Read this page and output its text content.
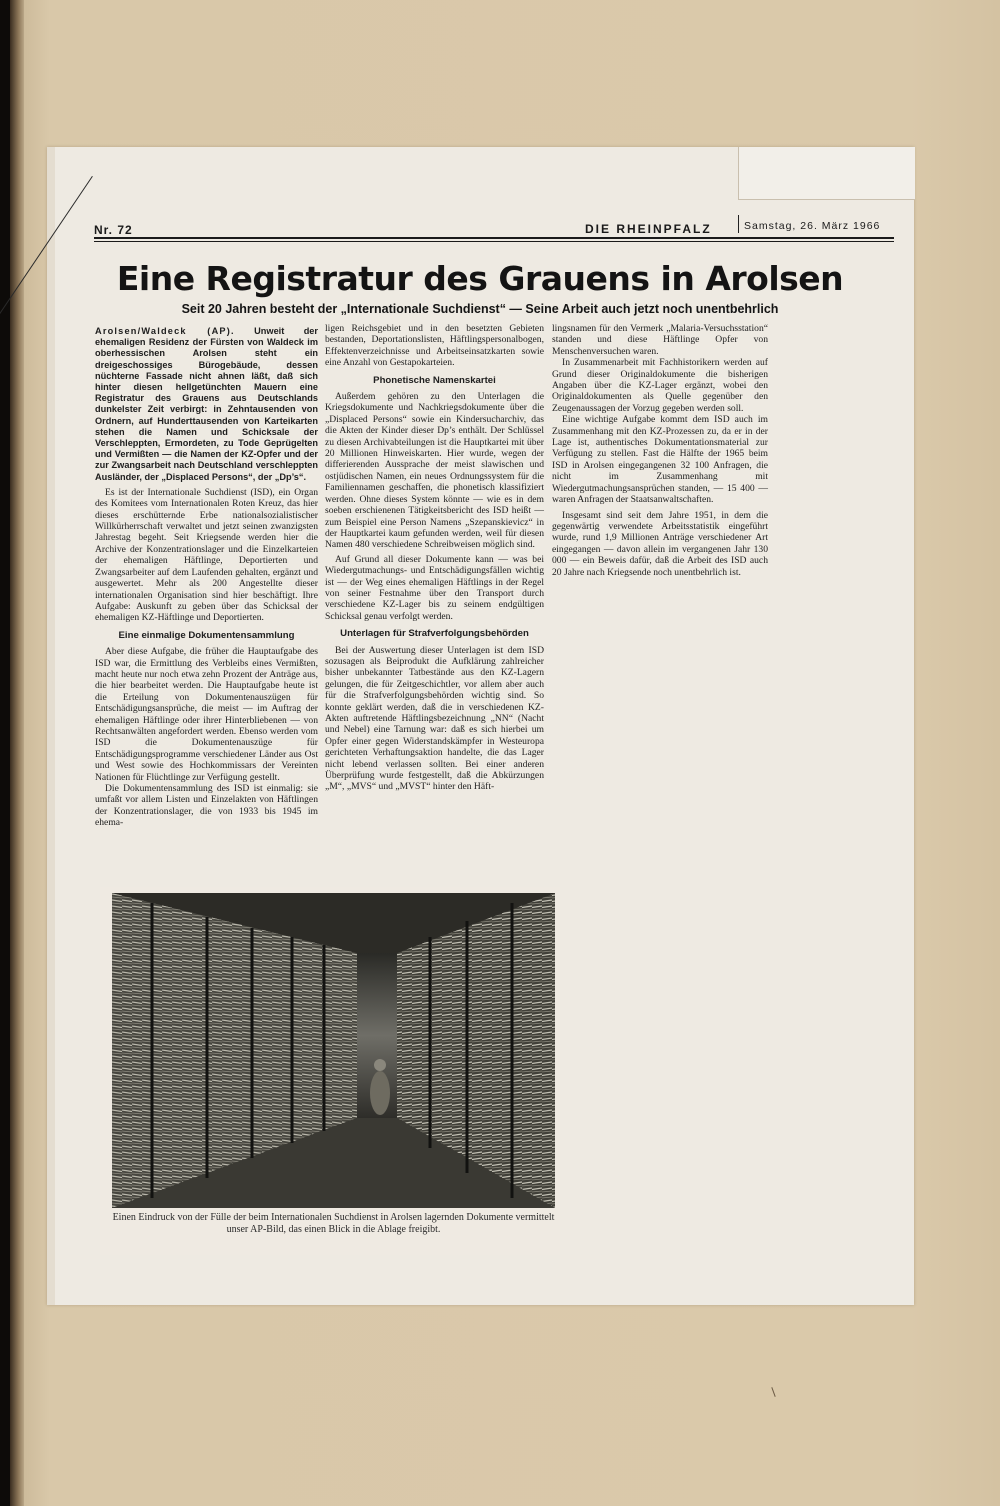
Nr. 72	DIE RHEINPFALZ	Samstag, 26. März 1966
Eine Registratur des Grauens in Arolsen
Seit 20 Jahren besteht der „Internationale Suchdienst“ — Seine Arbeit auch jetzt noch unentbehrlich

Arolsen/Waldeck (AP). Unweit der ehemaligen Residenz der Fürsten von Waldeck im oberhessischen Arolsen steht ein dreigeschossiges Bürogebäude, dessen nüchterne Fassade nicht ahnen läßt, daß sich hinter diesen hellgetünchten Mauern eine Registratur des Grauens aus Deutschlands dunkelster Zeit verbirgt: in Zehntausenden von Ordnern, auf Hunderttausenden von Karteikarten stehen die Namen und Schicksale der Verschleppten, Ermordeten, zu Tode Geprügelten und Vermißten — die Namen der KZ-Opfer und der zur Zwangsarbeit nach Deutschland verschleppten Ausländer, der „Displaced Persons“, der „Dp’s“.

Es ist der Internationale Suchdienst (ISD), ein Organ des Komitees vom Internationalen Roten Kreuz, das hier dieses erschütternde Erbe nationalsozialistischer Willkürherrschaft verwaltet und jetzt seinen zwanzigsten Jahrestag begeht. Seit Kriegsende werden hier die Archive der Konzentrationslager und die Einzelkarteien der ehemaligen Häftlinge, Deportierten und Zwangsarbeiter auf dem Laufenden gehalten, ergänzt und ausgewertet. Mehr als 200 Angestellte dieser internationalen Organisation sind hier beschäftigt. Ihre Aufgabe: Auskunft zu geben über das Schicksal der ehemaligen KZ-Häftlinge und Deportierten.

Eine einmalige Dokumentensammlung

Aber diese Aufgabe, die früher die Hauptaufgabe des ISD war, die Ermittlung des Verbleibs eines Vermißten, macht heute nur noch etwa zehn Prozent der Anträge aus, die hier bearbeitet werden. Die Hauptaufgabe heute ist die Erteilung von Dokumentenauszügen für Entschädigungsansprüche, die meist — im Auftrag der ehemaligen Häftlinge oder ihrer Hinterbliebenen — von Rechtsanwälten angefordert werden. Ebenso werden vom ISD die Dokumentenauszüge für Entschädigungsprogramme verschiedener Länder aus Ost und West sowie des Hochkommissars der Vereinten Nationen für Flüchtlinge zur Verfügung gestellt.

Die Dokumentensammlung des ISD ist einmalig: sie umfaßt vor allem Listen und Einzelakten von Häftlingen der Konzentrationslager, die von 1933 bis 1945 im ehema-

ligen Reichsgebiet und in den besetzten Gebieten bestanden, Deportationslisten, Häftlingspersonalbogen, Effektenverzeichnisse und Arbeitseinsatzkarten sowie eine Anzahl von Gestapokarteien.

Phonetische Namenskartei

Außerdem gehören zu den Unterlagen die Kriegsdokumente und Nachkriegsdokumente über die „Displaced Persons“ sowie ein Kindersucharchiv, das die Akten der Kinder dieser Dp’s enthält. Der Schlüssel zu diesen Archivabteilungen ist die Hauptkartei mit über 20 Millionen Hinweiskarten. Hier wurde, wegen der differierenden Aussprache der meist slawischen und ostjüdischen Namen, ein neues Ordnungssystem für die Familiennamen geschaffen, die phonetisch klassifiziert werden. Ohne dieses System könnte — wie es in dem soeben erschienenen Tätigkeitsbericht des ISD heißt — zum Beispiel eine Person Namens „Szepanskievicz“ in der Hauptkartei kaum gefunden werden, weil für diesen Namen 480 verschiedene Schreibweisen möglich sind.

Auf Grund all dieser Dokumente kann — was bei Wiedergutmachungs- und Entschädigungsfällen wichtig ist — der Weg eines ehemaligen Häftlings in der Regel von seiner Festnahme über den Transport durch verschiedene KZ-Lager bis zu seinem endgültigen Schicksal genau verfolgt werden.

Unterlagen für Strafverfolgungsbehörden

Bei der Auswertung dieser Unterlagen ist dem ISD sozusagen als Beiprodukt die Aufklärung zahlreicher bisher unbekannter Tatbestände aus den KZ-Lagern gelungen, die für Zeitgeschichtler, vor allem aber auch für die Strafverfolgungsbehörden wichtig sind. So konnte geklärt werden, daß die in verschiedenen KZ-Akten auftretende Häftlingsbezeichnung „NN“ (Nacht und Nebel) eine Tarnung war: daß es sich hierbei um Opfer einer gegen Widerstandskämpfer in Westeuropa gerichteten Verhaftungsaktion handelte, die das Lager nicht lebend verlassen sollten. Bei einer anderen Überprüfung wurde festgestellt, daß die Abkürzungen „M“, „MVS“ und „MVST“ hinter den Häft-

lingsnamen für den Vermerk „Malaria-Versuchsstation“ standen und diese Häftlinge Opfer von Menschenversuchen waren.

In Zusammenarbeit mit Fachhistorikern werden auf Grund dieser Originaldokumente die bisherigen Angaben über die KZ-Lager ergänzt, wobei den Originaldokumenten als Quelle gegenüber den Zeugenaussagen der Vorzug gegeben werden soll.

Eine wichtige Aufgabe kommt dem ISD auch im Zusammenhang mit den KZ-Prozessen zu, da er in der Lage ist, authentisches Dokumentationsmaterial zur Verfügung zu stellen. Fast die Hälfte der 1965 beim ISD in Arolsen eingegangenen 32 100 Anfragen, die nicht im Zusammenhang mit Wiedergutmachungsansprüchen standen, — 15 400 — waren Anfragen der Staatsanwaltschaften.

Insgesamt sind seit dem Jahre 1951, in dem die gegenwärtig verwendete Arbeitsstatistik eingeführt wurde, rund 1,9 Millionen Anträge verschiedener Art eingegangen — davon allein im vergangenen Jahr 130 000 — ein Beweis dafür, daß die Arbeit des ISD auch 20 Jahre nach Kriegsende noch unentbehrlich ist.

Einen Eindruck von der Fülle der beim Internationalen Suchdienst in Arolsen lagernden Dokumente vermittelt unser AP-Bild, das einen Blick in die Ablage freigibt.
